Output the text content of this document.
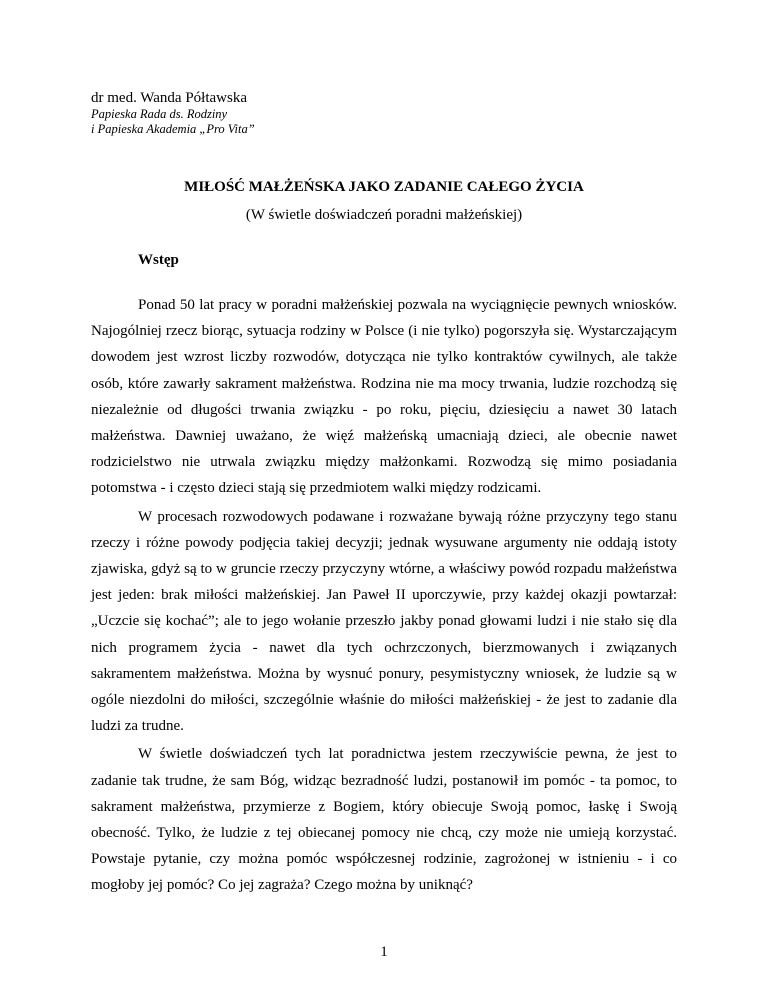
dr med. Wanda Półtawska
Papieska Rada ds. Rodziny
i Papieska Akademia „Pro Vita”
MIŁOŚĆ MAŁŻEŃSKA JAKO ZADANIE CAŁEGO ŻYCIA
(W świetle doświadczeń poradni małżeńskiej)
Wstęp

Ponad 50 lat pracy w poradni małżeńskiej pozwala na wyciągnięcie pewnych wniosków. Najogólniej rzecz biorąc, sytuacja rodziny w Polsce (i nie tylko) pogorszyła się. Wystarczającym dowodem jest wzrost liczby rozwodów, dotycząca nie tylko kontraktów cywilnych, ale także osób, które zawarły sakrament małżeństwa. Rodzina nie ma mocy trwania, ludzie rozchodzą się niezależnie od długości trwania związku - po roku, pięciu, dziesięciu a nawet 30 latach małżeństwa. Dawniej uważano, że więź małżeńską umacniają dzieci, ale obecnie nawet rodzicielstwo nie utrwala związku między małżonkami. Rozwodzą się mimo posiadania potomstwa - i często dzieci stają się przedmiotem walki między rodzicami.

W procesach rozwodowych podawane i rozważane bywają różne przyczyny tego stanu rzeczy i różne powody podjęcia takiej decyzji; jednak wysuwane argumenty nie oddają istoty zjawiska, gdyż są to w gruncie rzeczy przyczyny wtórne, a właściwy powód rozpadu małżeństwa jest jeden: brak miłości małżeńskiej. Jan Paweł II uporczywie, przy każdej okazji powtarzał: „Uczcie się kochać”; ale to jego wołanie przeszło jakby ponad głowami ludzi i nie stało się dla nich programem życia - nawet dla tych ochrzczonych, bierzmowanych i związanych sakramentem małżeństwa. Można by wysnuć ponury, pesymistyczny wniosek, że ludzie są w ogóle niezdolni do miłości, szczególnie właśnie do miłości małżeńskiej - że jest to zadanie dla ludzi za trudne.

W świetle doświadczeń tych lat poradnictwa jestem rzeczywiście pewna, że jest to zadanie tak trudne, że sam Bóg, widząc bezradność ludzi, postanowił im pomóc - ta pomoc, to sakrament małżeństwa, przymierze z Bogiem, który obiecuje Swoją pomoc, łaskę i Swoją obecność. Tylko, że ludzie z tej obiecanej pomocy nie chcą, czy może nie umieją korzystać. Powstaje pytanie, czy można pomóc współczesnej rodzinie, zagrożonej w istnieniu - i co mogłoby jej pomóc? Co jej zagraża? Czego można by uniknąć?

1
